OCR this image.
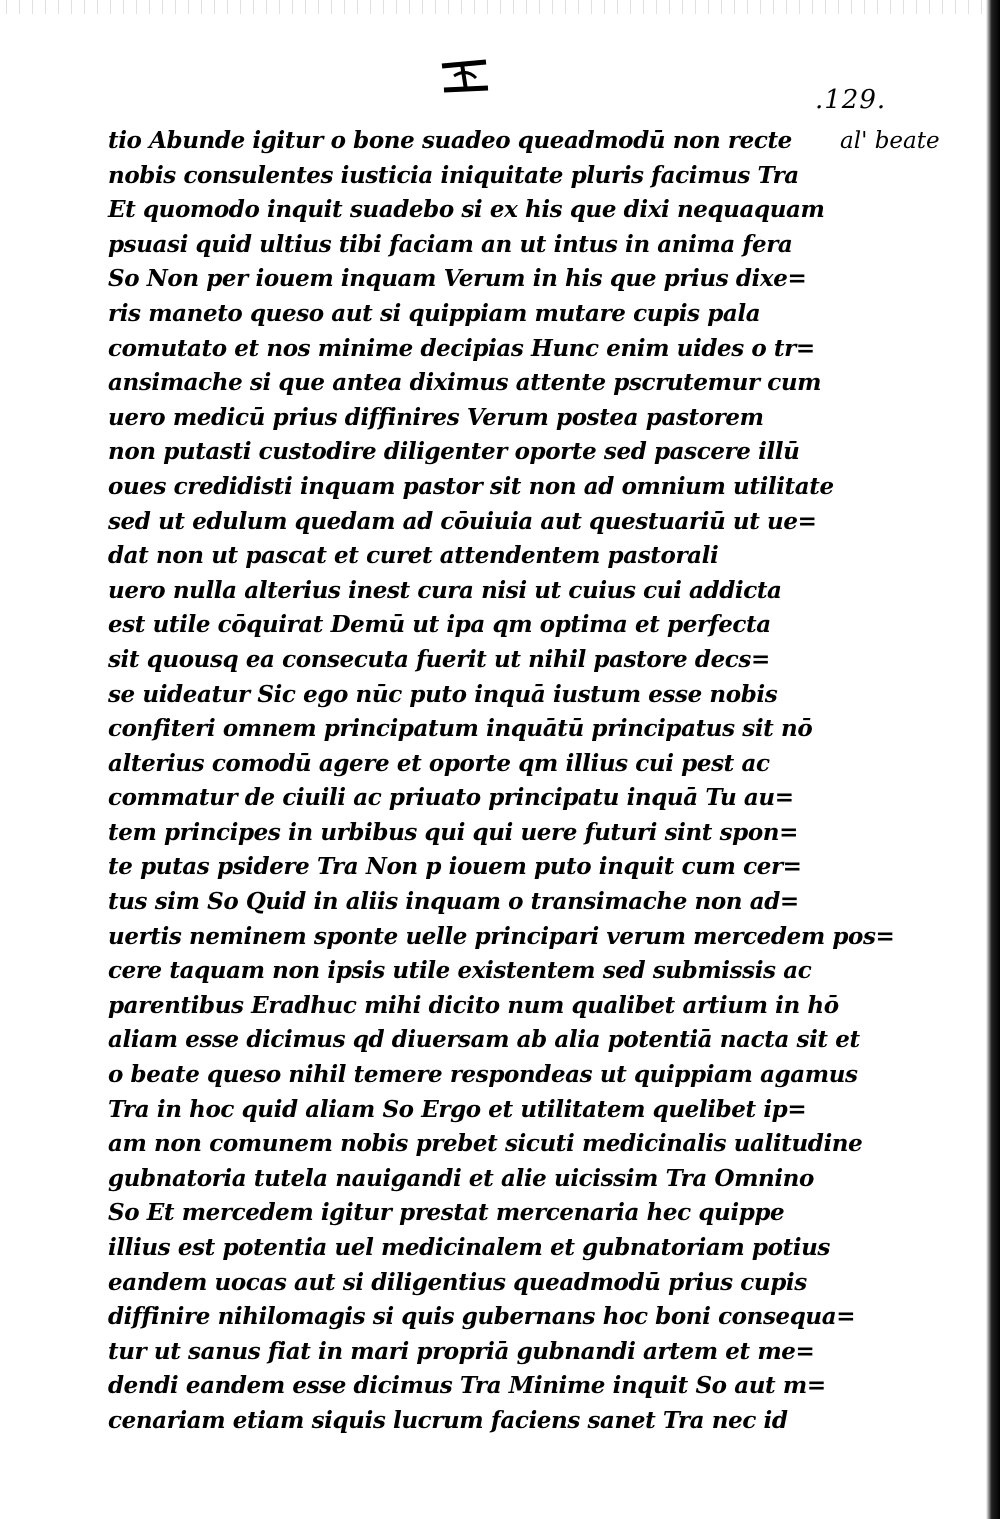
.129.
al' beate
tio Abunde igitur o bone suadeo queadmodū non recte
nobis consulentes iusticia iniquitate pluris facimus Tra
Et quomodo inquit suadebo si ex his que dixi nequaquam
psuasi quid ultius tibi faciam an ut intus in anima fera
So Non per iouem inquam Verum in his que prius dixe=
ris maneto queso aut si quippiam mutare cupis pala
comutato et nos minime decipias Hunc enim uides o tr=
ansimache si que antea diximus attente pscrutemur cum
uero medicū prius diffinires Verum postea pastorem
non putasti custodire diligenter oporte sed pascere illū
oues credidisti inquam pastor sit non ad omnium utilitate
sed ut edulum quedam ad cōuiuia aut questuariū ut ue=
dat non ut pascat et curet attendentem pastorali
uero nulla alterius inest cura nisi ut cuius cui addicta
est utile cōquirat Demū ut ipa qm optima et perfecta
sit quousq ea consecuta fuerit ut nihil pastore decs=
se uideatur Sic ego nūc puto inquā iustum esse nobis
confiteri omnem principatum inquātū principatus sit nō
alterius comodū agere et oporte qm illius cui pest ac
commatur de ciuili ac priuato principatu inquā Tu au=
tem principes in urbibus qui qui uere futuri sint spon=
te putas psidere Tra Non p iouem puto inquit cum cer=
tus sim So Quid in aliis inquam o transimache non ad=
uertis neminem sponte uelle principari verum mercedem pos=
cere taquam non ipsis utile existentem sed submissis ac
parentibus Eradhuc mihi dicito num qualibet artium in hō
aliam esse dicimus qd diuersam ab alia potentiā nacta sit et
o beate queso nihil temere respondeas ut quippiam agamus
Tra in hoc quid aliam So Ergo et utilitatem quelibet ip=
am non comunem nobis prebet sicuti medicinalis ualitudine
gubnatoria tutela nauigandi et alie uicissim Tra Omnino
So Et mercedem igitur prestat mercenaria hec quippe
illius est potentia uel medicinalem et gubnatoriam potius
eandem uocas aut si diligentius queadmodū prius cupis
diffinire nihilomagis si quis gubernans hoc boni consequa=
tur ut sanus fiat in mari propriā gubnandi artem et me=
dendi eandem esse dicimus Tra Minime inquit So aut m=
cenariam etiam siquis lucrum faciens sanet Tra nec id
